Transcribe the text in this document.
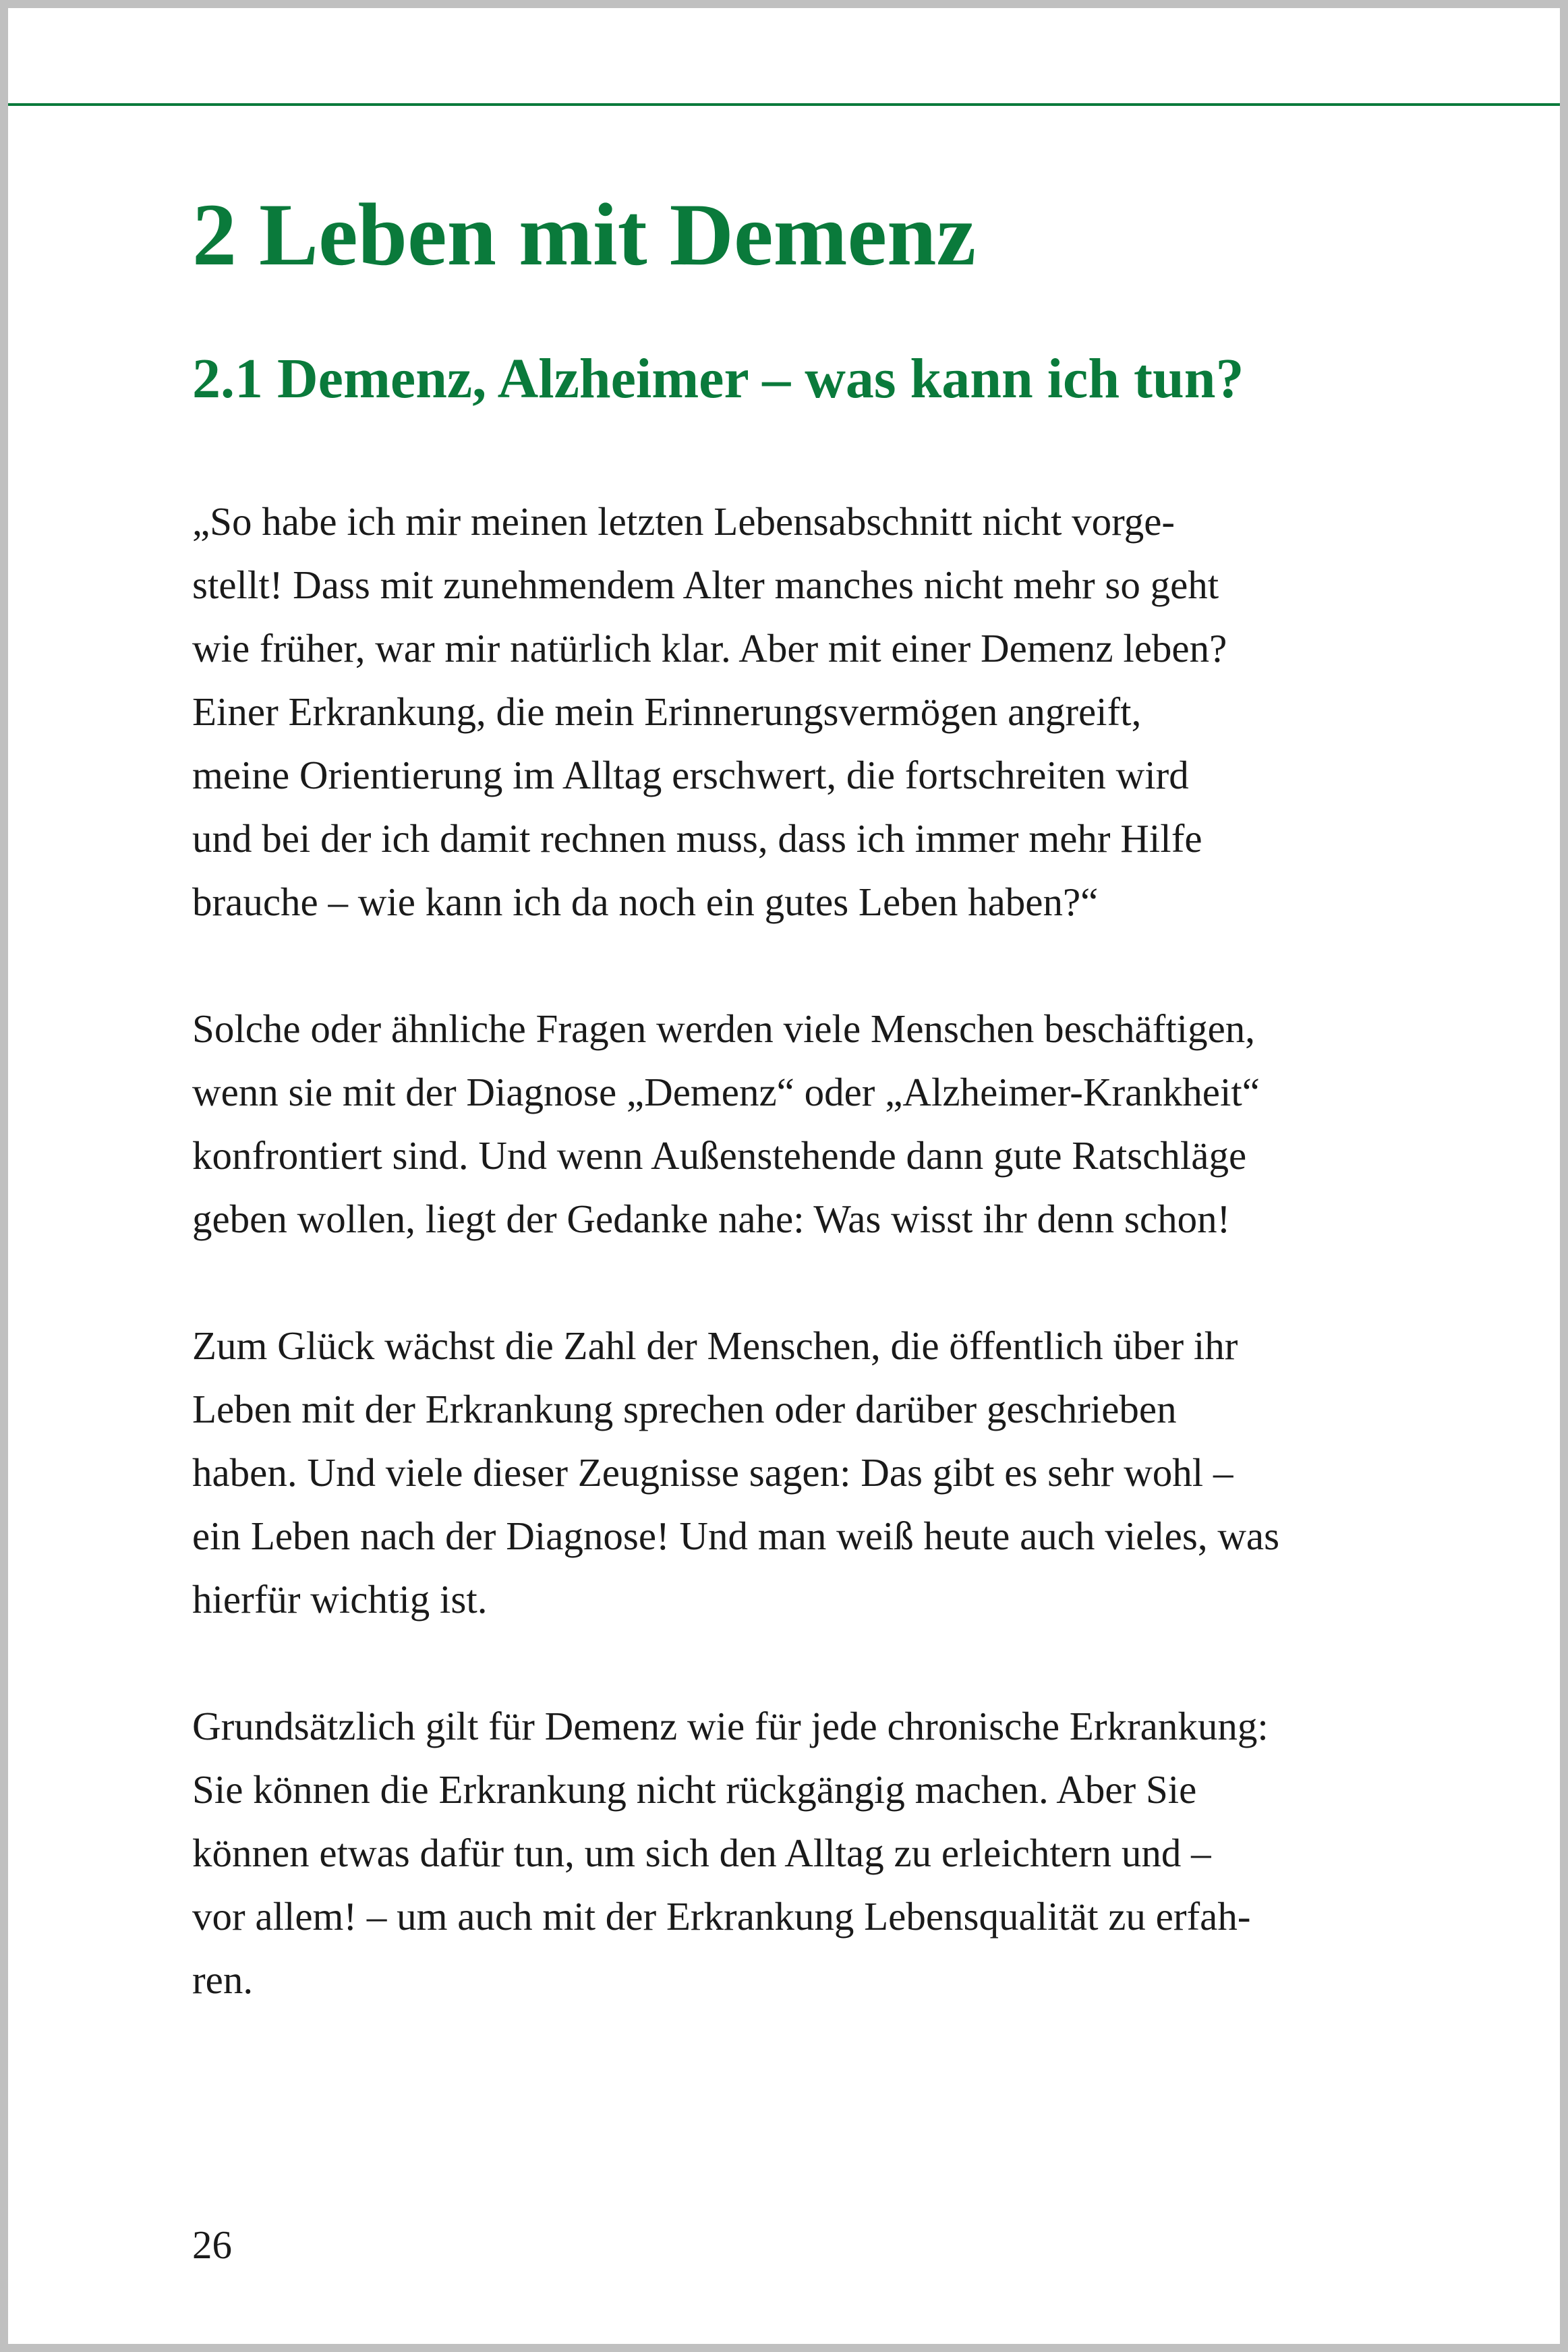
2 Leben mit Demenz
2.1 Demenz, Alzheimer – was kann ich tun?

„So habe ich mir meinen letzten Lebensabschnitt nicht vorge-
stellt! Dass mit zunehmendem Alter manches nicht mehr so geht
wie früher, war mir natürlich klar. Aber mit einer Demenz leben?
Einer Erkrankung, die mein Erinnerungsvermögen angreift,
meine Orientierung im Alltag erschwert, die fortschreiten wird
und bei der ich damit rechnen muss, dass ich immer mehr Hilfe
brauche – wie kann ich da noch ein gutes Leben haben?“

Solche oder ähnliche Fragen werden viele Menschen beschäftigen,
wenn sie mit der Diagnose „Demenz“ oder „Alzheimer-Krankheit“
konfrontiert sind. Und wenn Außenstehende dann gute Ratschläge
geben wollen, liegt der Gedanke nahe: Was wisst ihr denn schon!

Zum Glück wächst die Zahl der Menschen, die öffentlich über ihr
Leben mit der Erkrankung sprechen oder darüber geschrieben
haben. Und viele dieser Zeugnisse sagen: Das gibt es sehr wohl –
ein Leben nach der Diagnose! Und man weiß heute auch vieles, was
hierfür wichtig ist.

Grundsätzlich gilt für Demenz wie für jede chronische Erkrankung:
Sie können die Erkrankung nicht rückgängig machen. Aber Sie
können etwas dafür tun, um sich den Alltag zu erleichtern und –
vor allem! – um auch mit der Erkrankung Lebensqualität zu erfah-
ren.

26
